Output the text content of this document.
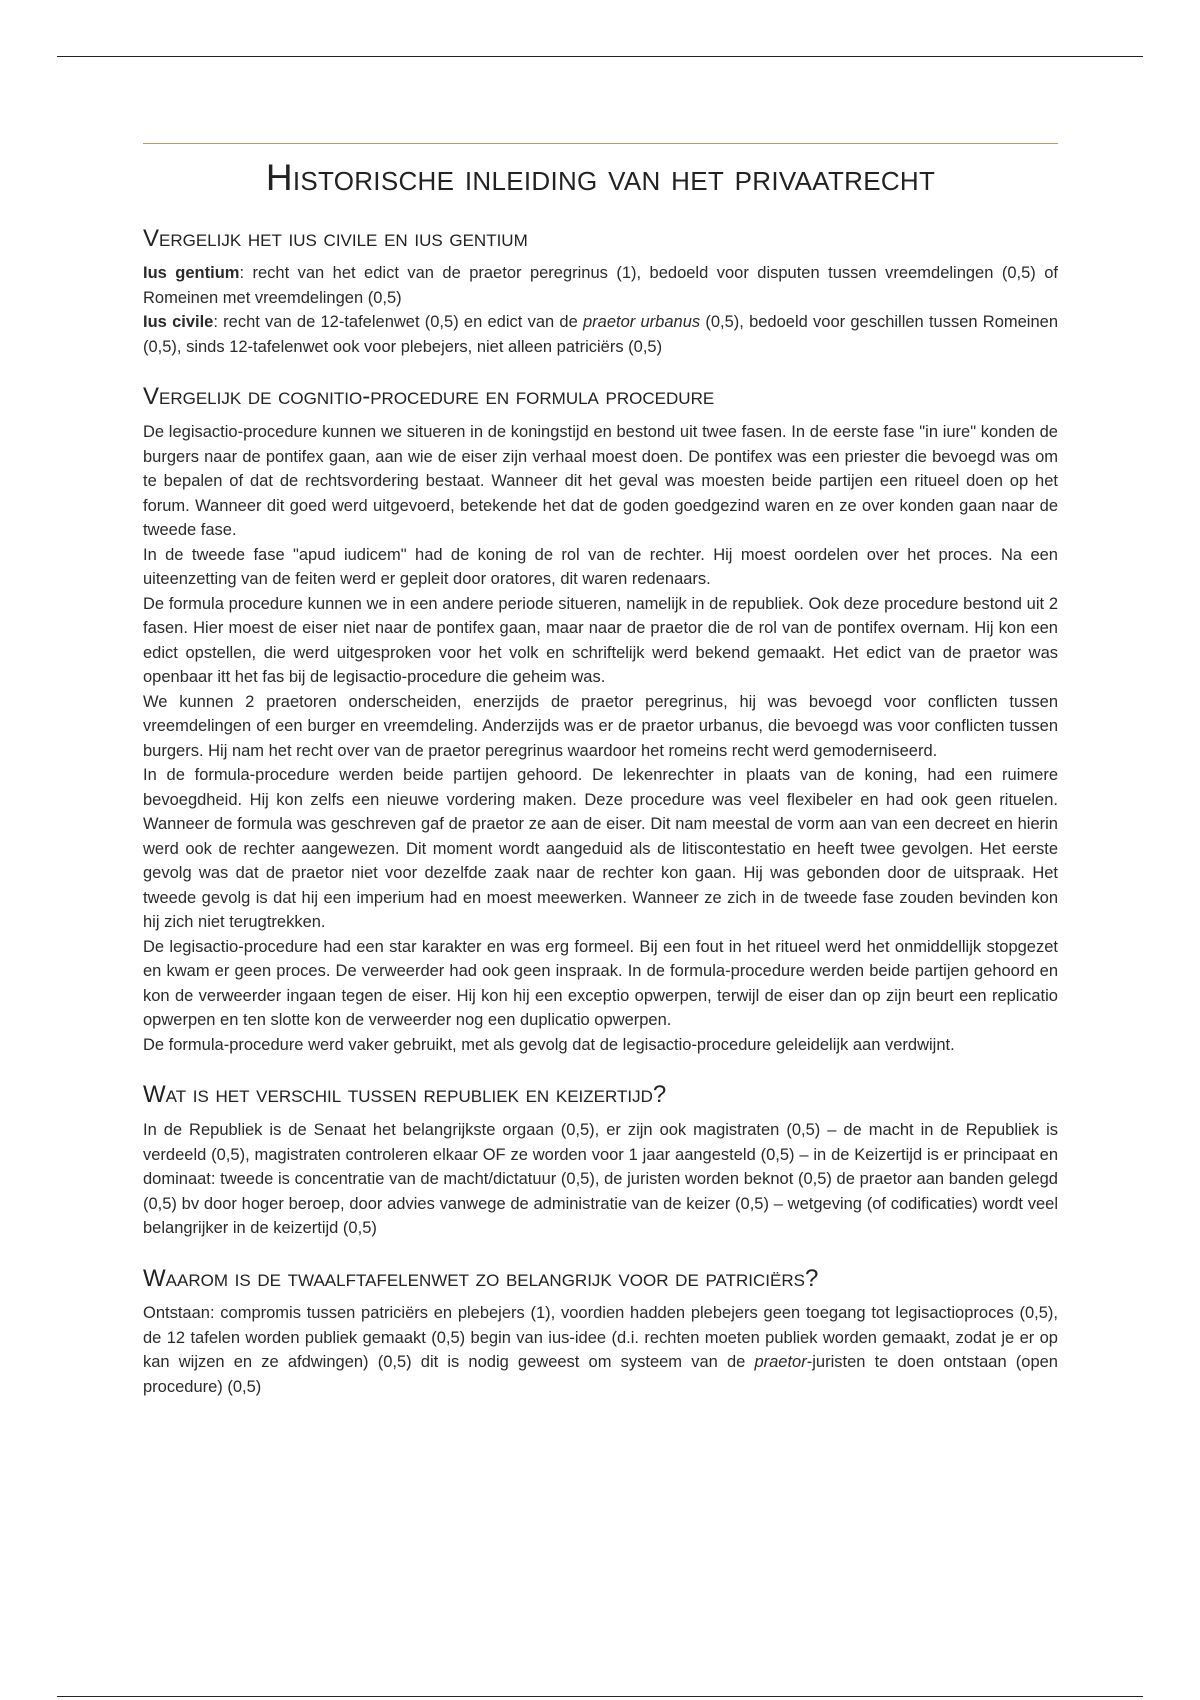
Historische inleiding van het privaatrecht
Vergelijk het ius civile en ius gentium

Ius gentium: recht van het edict van de praetor peregrinus (1), bedoeld voor disputen tussen vreemdelingen (0,5) of Romeinen met vreemdelingen (0,5)

Ius civile: recht van de 12-tafelenwet (0,5) en edict van de praetor urbanus (0,5), bedoeld voor geschillen tussen Romeinen (0,5), sinds 12-tafelenwet ook voor plebejers, niet alleen patriciërs (0,5)

Vergelijk de cognitio-procedure en formula procedure

De legisactio-procedure kunnen we situeren in de koningstijd en bestond uit twee fasen. In de eerste fase "in iure" konden de burgers naar de pontifex gaan, aan wie de eiser zijn verhaal moest doen. De pontifex was een priester die bevoegd was om te bepalen of dat de rechtsvordering bestaat. Wanneer dit het geval was moesten beide partijen een ritueel doen op het forum. Wanneer dit goed werd uitgevoerd, betekende het dat de goden goedgezind waren en ze over konden gaan naar de tweede fase.

In de tweede fase "apud iudicem" had de koning de rol van de rechter. Hij moest oordelen over het proces. Na een uiteenzetting van de feiten werd er gepleit door oratores, dit waren redenaars.

De formula procedure kunnen we in een andere periode situeren, namelijk in de republiek. Ook deze procedure bestond uit 2 fasen. Hier moest de eiser niet naar de pontifex gaan, maar naar de praetor die de rol van de pontifex overnam. Hij kon een edict opstellen, die werd uitgesproken voor het volk en schriftelijk werd bekend gemaakt. Het edict van de praetor was openbaar itt het fas bij de legisactio-procedure die geheim was.

We kunnen 2 praetoren onderscheiden, enerzijds de praetor peregrinus, hij was bevoegd voor conflicten tussen vreemdelingen of een burger en vreemdeling. Anderzijds was er de praetor urbanus, die bevoegd was voor conflicten tussen burgers. Hij nam het recht over van de praetor peregrinus waardoor het romeins recht werd gemoderniseerd.

In de formula-procedure werden beide partijen gehoord. De lekenrechter in plaats van de koning, had een ruimere bevoegdheid. Hij kon zelfs een nieuwe vordering maken. Deze procedure was veel flexibeler en had ook geen rituelen. Wanneer de formula was geschreven gaf de praetor ze aan de eiser. Dit nam meestal de vorm aan van een decreet en hierin werd ook de rechter aangewezen. Dit moment wordt aangeduid als de litiscontestatio en heeft twee gevolgen. Het eerste gevolg was dat de praetor niet voor dezelfde zaak naar de rechter kon gaan. Hij was gebonden door de uitspraak. Het tweede gevolg is dat hij een imperium had en moest meewerken. Wanneer ze zich in de tweede fase zouden bevinden kon hij zich niet terugtrekken.

De legisactio-procedure had een star karakter en was erg formeel. Bij een fout in het ritueel werd het onmiddellijk stopgezet en kwam er geen proces. De verweerder had ook geen inspraak. In de formula-procedure werden beide partijen gehoord en kon de verweerder ingaan tegen de eiser. Hij kon hij een exceptio opwerpen, terwijl de eiser dan op zijn beurt een replicatio opwerpen en ten slotte kon de verweerder nog een duplicatio opwerpen.

De formula-procedure werd vaker gebruikt, met als gevolg dat de legisactio-procedure geleidelijk aan verdwijnt.

Wat is het verschil tussen republiek en keizertijd?

In de Republiek is de Senaat het belangrijkste orgaan (0,5), er zijn ook magistraten (0,5) – de macht in de Republiek is verdeeld (0,5), magistraten controleren elkaar OF ze worden voor 1 jaar aangesteld (0,5) – in de Keizertijd is er principaat en dominaat: tweede is concentratie van de macht/dictatuur (0,5), de juristen worden beknot (0,5) de praetor aan banden gelegd (0,5) bv door hoger beroep, door advies vanwege de administratie van de keizer (0,5) – wetgeving (of codificaties) wordt veel belangrijker in de keizertijd (0,5)

Waarom is de twaalftafelenwet zo belangrijk voor de patriciërs?

Ontstaan: compromis tussen patriciërs en plebejers (1), voordien hadden plebejers geen toegang tot legisactioproces (0,5), de 12 tafelen worden publiek gemaakt (0,5) begin van ius-idee (d.i. rechten moeten publiek worden gemaakt, zodat je er op kan wijzen en ze afdwingen) (0,5) dit is nodig geweest om systeem van de praetor-juristen te doen ontstaan (open procedure) (0,5)
